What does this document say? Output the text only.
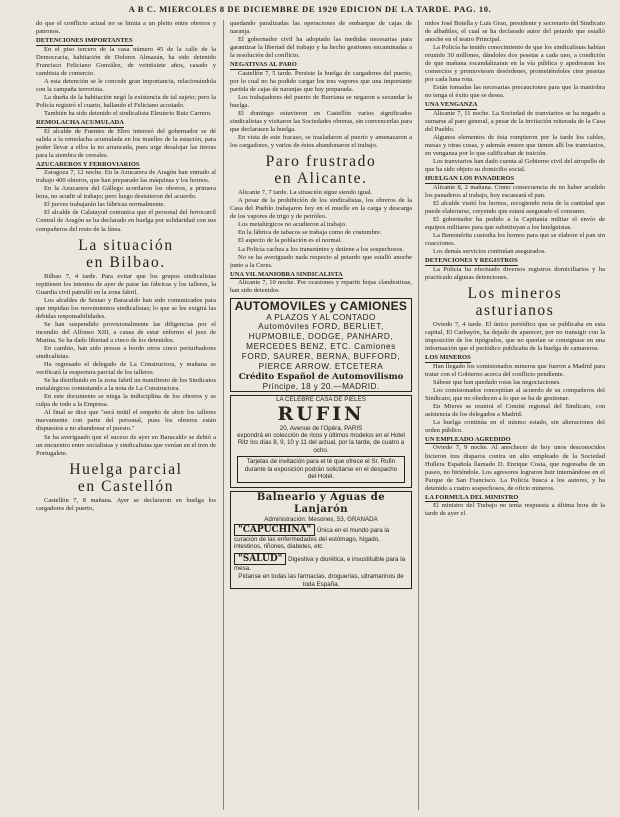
A B C. MIERCOLES 8 DE DICIEMBRE DE 1920 EDICION DE LA TARDE. PAG. 10.

do que el conflicto actual no se limita a un pleito entre obreros y patronos.

DETENCIONES IMPORTANTES

En el piso tercero de la casa número 45 de la calle de la Democracia, habitación de Dolores Almazán, ha sido detenido Francisco Feliciano González, de veintisiete años, casado y cambista de comercio.

A esta detención se le concede gran importancia, relacionándola con la campaña terrorista.

La dueña de la habitación negó la existencia de tal sujeto; pero la Policía registró el cuarto, hallando el Feliciano acostado.

También ha sido detenido el sindicalista Eleuterio Ruiz Carrero.

REMOLACHA ACUMULADA

El alcalde de Fuentes de Ebro interesó del gobernador se dé salida a la remolacha acumulada en los muelles de la estación, para poder llevar a ellos la no arrancada, pues urge desalojar las tierras para la siembra de cereales.

AZUCAREROS Y FERROVIARIOS

Zaragoza 7, 12 noche. En la Azucarera de Aragón han entrado al trabajo 400 obreros, que han preparado las máquinas y los hornos.

En la Azucarera del Gállego acordaron los obreros, a primera hora, no acudir al trabajo; pero luego desistieron del acuerdo.

El jueves trabajarán las fábricas normalmente.

El alcalde de Calatayud comunica que el personal del ferrocarril Central de Aragón se ha declarado en huelga por solidaridad con sus compañeros del resto de la línea.

La situación
en Bilbao.

Bilbao 7, 4 tarde. Para evitar que los grupos sindicalistas repitiesen los intentos de ayer de parar las fábricas y los talleres, la Guardia civil patrulló en la zona fabril.

Los alcaldes de Sestao y Baracaldo han sido comunicados para que impidan los movimientos sindicalistas; lo que se les exigirá las debidas responsabilidades.

Se han suspendido provisionalmente las diligencias por el incendio del Alfonso XIII, a causa de estar enfermo el juez de Marina. Se ha dado libertad a cinco de los detenidos.

En cambio, han sido presos a bordo otros cinco perturbadores sindicalistas.

Ha regresado el delegado de La Constructora, y mañana se verificará la reapertura parcial de los talleres.

Se ha distribuido en la zona fabril un manifiesto de los Sindicatos metalúrgicos contestando a la nota de La Constructora.

En este documento se niega la indisciplina de los obreros y se culpa de todo a la Empresa.

Al final se dice que "será inútil el empeño de abrir los talleres nuevamente con parte del personal, pues los obreros están dispuestos a no abandonar el puesto."

Se ha averiguado que el suceso de ayer en Baracaldo se debió a un encuentro entre socialistas y sindicalistas que venían en el tren de Portugalete.

Huelga parcial
en Castellón

Castellón 7, 8 mañana. Ayer se declararon en huelga los cargadores del puerto,

quedando paralizadas las operaciones de embarque de cajas de naranja.

El gobernador civil ha adoptado las medidas necesarias para garantizar la libertad del trabajo y ha hecho gestiones encaminadas a la resolución del conflicto.

NEGATIVAS AL PARO

Castellón 7, 5 tarde. Persiste la huelga de cargadores del puerto, por lo cual no ha podido cargar los tres vapores que una importante partida de cajas de naranjas que hay preparada.

Los trabajadores del puerto de Burriana se negaron a secundar la huelga.

El domingo estuvieron en Castellón varios significados sindicalistas y visitaron las Sociedades obreras, sin convencerlas para que declarasen la huelga.

En vista de este fracaso, se trasladaron al puerto y amenazaron a los cargadores, y varios de éstos abandonaron el trabajo.

Paro frustrado
en Alicante.

Alicante 7, 7 tarde. La situación sigue siendo igual.

A pesar de la prohibición de los sindicalistas, los obreros de la Casa del Pueblo trabajaron hoy en el muelle en la carga y descarga de los vapores de trigo y de petróleo.

Los metalúrgicos no acudieron al trabajo.

En la fábrica de tabacos se trabaja como de costumbre.

El aspecto de la población es el normal.

La Policía cachea a los transeúntes y detiene a los sospechosos.

No se ha averiguado nada respecto al petardo que estalló anoche junto a la Ceres.

UNA VIL MANIOBRA SINDICALISTA

Alicante 7, 10 noche. Por ocasiones y repartir hojas clandestinas, han sido detenidos

AUTOMOVILES y CAMIONES
A PLAZOS Y AL CONTADO
Automóviles FORD, BERLIET, HUPMOBILE, DODGE, PANHARD, MERCEDES BENZ, ETC. Camiones FORD, SAURER, BERNA, BUFFORD, PIERCE ARROW. ETCETERA
Crédito Español de Automovilismo
Príncipe, 18 y 20.—MADRID.
LA CELEBRE CASA DE PIELES
RUFIN
20, Avenue de l'Opéra, PARIS
expondrá en colección de ricos y últimos modelos en el Hotel Ritz los días 8, 9, 10 y 11 del actual, por la tarde, de cuatro a ocho.
Tarjetas de invitación para el té que ofrece el Sr. Rufin durante la exposición podrán solicitarse en el despacho del Hotel.
Balneario y Aguas de Lanjarón
Administración: Mesones, 53, GRANADA
"CAPUCHINA" Única en el mundo para la curación de las enfermedades del estómago, hígado, intestinos, riñones, diabetes, etc.
"SALUD" Digestiva y diurética, e insustituible para la mesa.
Pídanse en todas las farmacias, droguerías, ultramarinos de toda España.

nidos José Botella y Luis Grao, presidente y secretario del Sindicato de albañiles, el cual se ha declarado autor del petardo que estalló anoche en el teatro Principal.

La Policía ha tenido conocimiento de que los sindicalistas habían reunido 30 millones, dándoles dos pesetas a cada uno, a condición de que mañana escandalizaran en la vía pública y apedrearan los comercios y promoviesen desórdenes, prometiéndoles cien pesetas por cada luna rota.

Están tomadas las necesarias precauciones para que la maniobra no tenga el éxito que se desea.

UNA VENGANZA

Alicante 7, 11 noche. La Sociedad de tranviarios se ha negado a sumarse al paro general, a pesar de la invitación reiterada de la Casa del Pueblo.

Algunos elementos de ésta rompieron por la tarde los cables, mesas y otras cosas, y además ensere que tienen allí los tranviarios, en venganza por lo que calificaban de traición.

Los tranviarios han dado cuenta al Gobierno civil del atropello de que ha sido objeto su domicilio social.

HUELGAN LOS PANADEROS

Alicante 8, 2 mañana. Como consecuencia de no haber acudido los panaderos al trabajo, hoy escaseará el pan.

El alcalde visitó los hornos, recogiendo nota de la cantidad que puede elaborarse, creyendo que estará asegurado el consumo.

El gobernador ha pedido a la Capitanía militar el envío de equipos militares para que substituyan a los huelguistas.

La Benemérita custodia los hornos para que se elabore el pan sin coacciones.

Los demás servicios continúan asegurados.

DETENCIONES Y REGISTROS

La Policía ha efectuado diversos registros domiciliarios y ha practicado algunas detenciones.

Los mineros
asturianos

Oviedo 7, 4 tarde. El único periódico que se publicaba en esta capital, El Carbayón, ha dejado de aparecer, por no transigir con la imposición de los tipógrafos, que no querían se consignase en una información que el periódico publicaba de la huelga de camareros.

LOS MINEROS

Han llegado los comisionados mineros que fueron a Madrid para tratar con el Gobierno acerca del conflicto pendiente.

Sábese que han quedado rotas las negociaciones.

Los comisionados conceptúan al acuerdo de su compañeros del Sindicato, que no obedecen a lo que se ha de gestionar.

En Mieres se reunirá el Comité regional del Sindicato, con asistencia de los delegados a Madrid.

La huelga continúa en el mismo estado, sin alteraciones del orden público.

UN EMPLEADO AGREDIDO

Oviedo 7, 9 noche. Al anochecer de hoy unos desconocidos hicieron tres disparos contra un alto empleado de la Sociedad Hullera Española llamado D. Enrique Costa, que regresaba de un paseo, no hiriéndole. Los agresores lograron huir internándose en el Parque de San Francisco. La Policía busca a los autores, y ha detenido a cuatro sospechosos, de oficio mineros.

LA FORMULA DEL MINISTRO

El ministro del Trabajo no tenía respuesta a última hora de la tarde de ayer el
